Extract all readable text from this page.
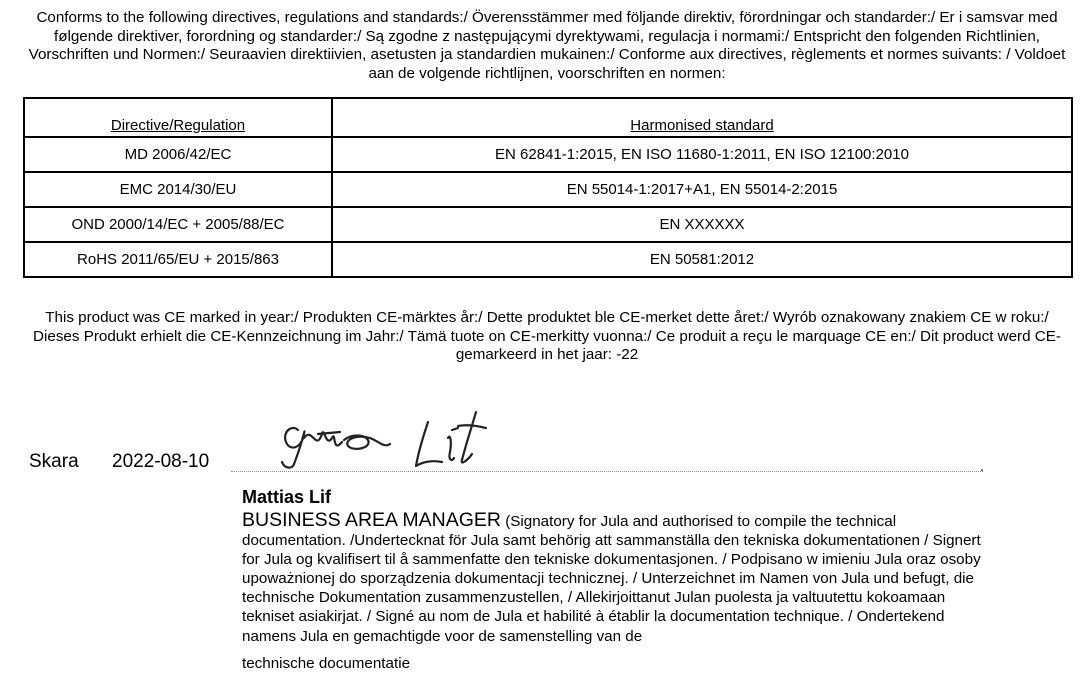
Conforms to the following directives, regulations and standards:/ Överensstämmer med följande direktiv, förordningar och standarder:/ Er i samsvar med følgende direktiver, forordning og standarder:/ Są zgodne z następującymi dyrektywami, regulacja i normami:/ Entspricht den folgenden Richtlinien, Vorschriften und Normen:/ Seuraavien direktiivien, asetusten ja standardien mukainen:/ Conforme aux directives, règlements et normes suivants: / Voldoet aan de volgende richtlijnen, voorschriften en normen:
Directive/Regulation	Harmonised standard
MD 2006/42/EC	EN 62841-1:2015, EN ISO 11680-1:2011, EN ISO 12100:2010
EMC 2014/30/EU	EN 55014-1:2017+A1, EN 55014-2:2015
OND 2000/14/EC + 2005/88/EC	EN XXXXXX
RoHS 2011/65/EU + 2015/863	EN 50581:2012
This product was CE marked in year:/ Produkten CE-märktes år:/ Dette produktet ble CE-merket dette året:/ Wyrób oznakowany znakiem CE w roku:/ Dieses Produkt erhielt die CE-Kennzeichnung im Jahr:/ Tämä tuote on CE-merkitty vuonna:/ Ce produit a reçu le marquage CE en:/ Dit product werd CE-gemarkeerd in het jaar: -22
Skara 2022-08-10	.
Mattias Lif
BUSINESS AREA MANAGER (Signatory for Jula and authorised to compile the technical documentation. /Undertecknat för Jula samt behörig att sammanställa den tekniska dokumentationen / Signert for Jula og kvalifisert til å sammenfatte den tekniske dokumentasjonen. / Podpisano w imieniu Jula oraz osoby upoważnionej do sporządzenia dokumentacji technicznej. / Unterzeichnet im Namen von Jula und befugt, die technische Dokumentation zusammenzustellen, / Allekirjoittanut Julan puolesta ja valtuutettu kokoamaan tekniset asiakirjat. / Signé au nom de Jula et habilité à établir la documentation technique. / Ondertekend namens Jula en gemachtigde voor de samenstelling van de
technische documentatie
